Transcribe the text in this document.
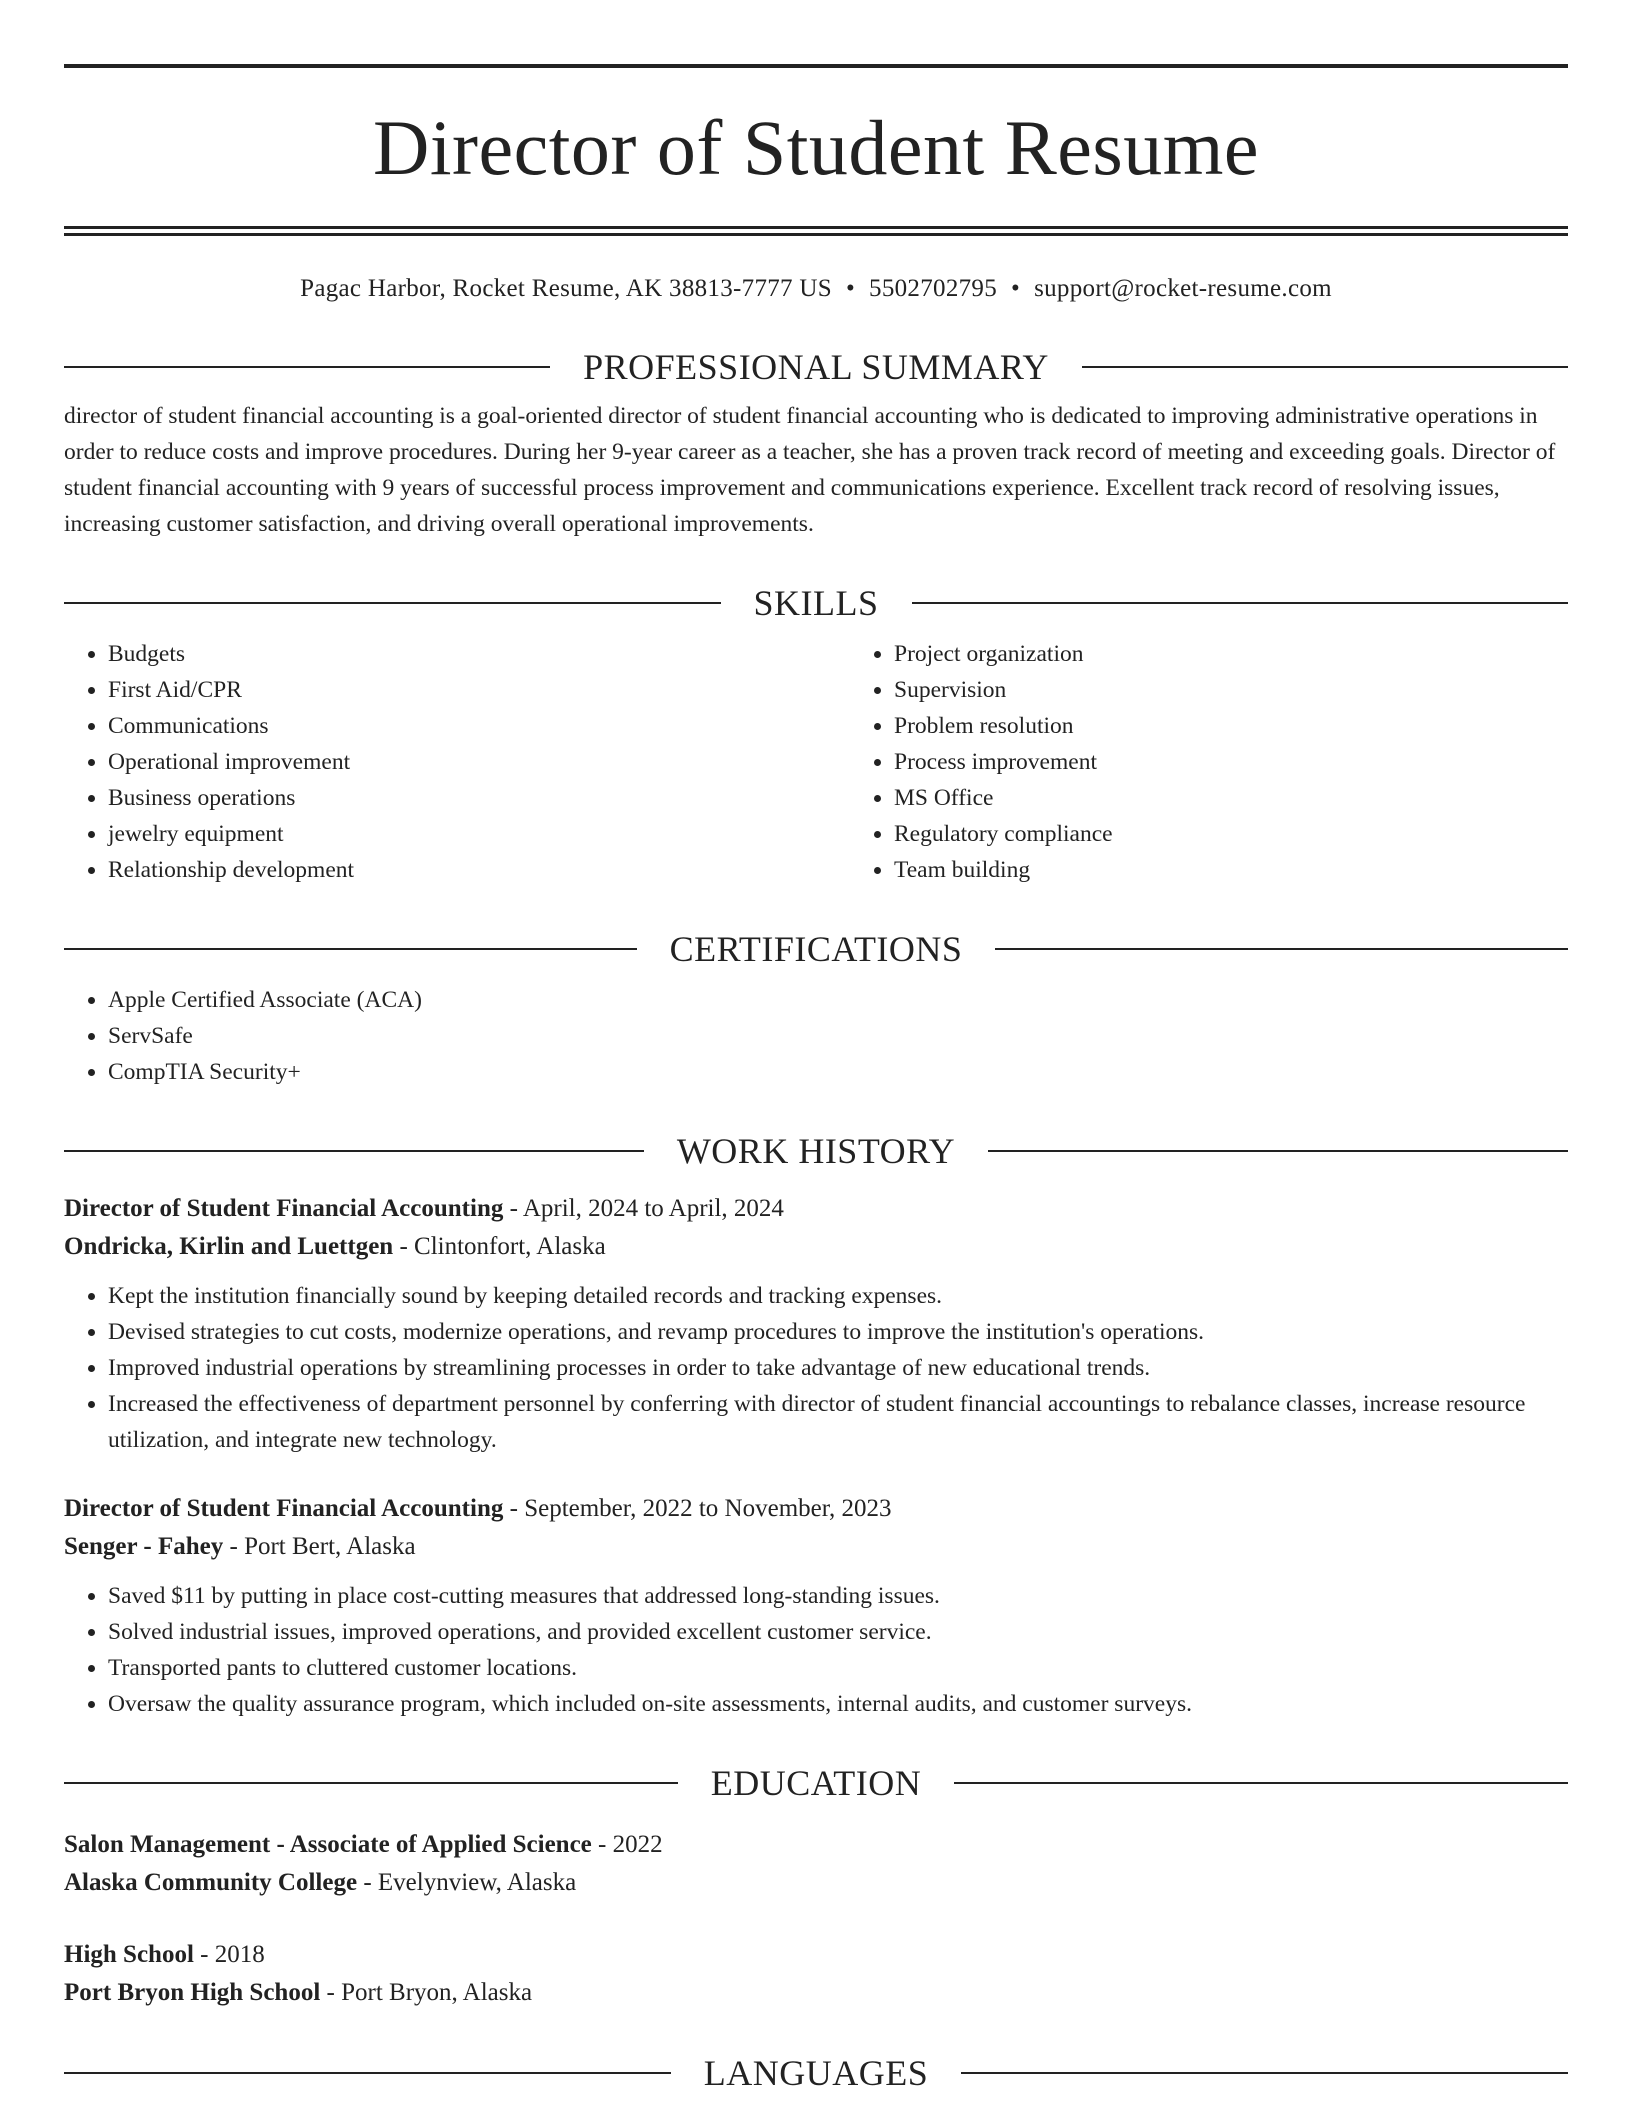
Director of Student Resume
Pagac Harbor, Rocket Resume, AK 38813-7777 US • 5502702795 • support@rocket-resume.com
PROFESSIONAL SUMMARY

director of student financial accounting is a goal-oriented director of student financial accounting who is dedicated to improving administrative operations in order to reduce costs and improve procedures. During her 9-year career as a teacher, she has a proven track record of meeting and exceeding goals. Director of student financial accounting with 9 years of successful process improvement and communications experience. Excellent track record of resolving issues, increasing customer satisfaction, and driving overall operational improvements.

SKILLS
• Budgets
• First Aid/CPR
• Communications
• Operational improvement
• Business operations
• jewelry equipment
• Relationship development
• Project organization
• Supervision
• Problem resolution
• Process improvement
• MS Office
• Regulatory compliance
• Team building
CERTIFICATIONS
• Apple Certified Associate (ACA)
• ServSafe
• CompTIA Security+
WORK HISTORY
Director of Student Financial Accounting - April, 2024 to April, 2024
Ondricka, Kirlin and Luettgen - Clintonfort, Alaska
• Kept the institution financially sound by keeping detailed records and tracking expenses.
• Devised strategies to cut costs, modernize operations, and revamp procedures to improve the institution's operations.
• Improved industrial operations by streamlining processes in order to take advantage of new educational trends.
• Increased the effectiveness of department personnel by conferring with director of student financial accountings to rebalance classes, increase resource utilization, and integrate new technology.
Director of Student Financial Accounting - September, 2022 to November, 2023
Senger - Fahey - Port Bert, Alaska
• Saved $11 by putting in place cost-cutting measures that addressed long-standing issues.
• Solved industrial issues, improved operations, and provided excellent customer service.
• Transported pants to cluttered customer locations.
• Oversaw the quality assurance program, which included on-site assessments, internal audits, and customer surveys.
EDUCATION
Salon Management - Associate of Applied Science - 2022
Alaska Community College - Evelynview, Alaska
High School - 2018
Port Bryon High School - Port Bryon, Alaska
LANGUAGES
